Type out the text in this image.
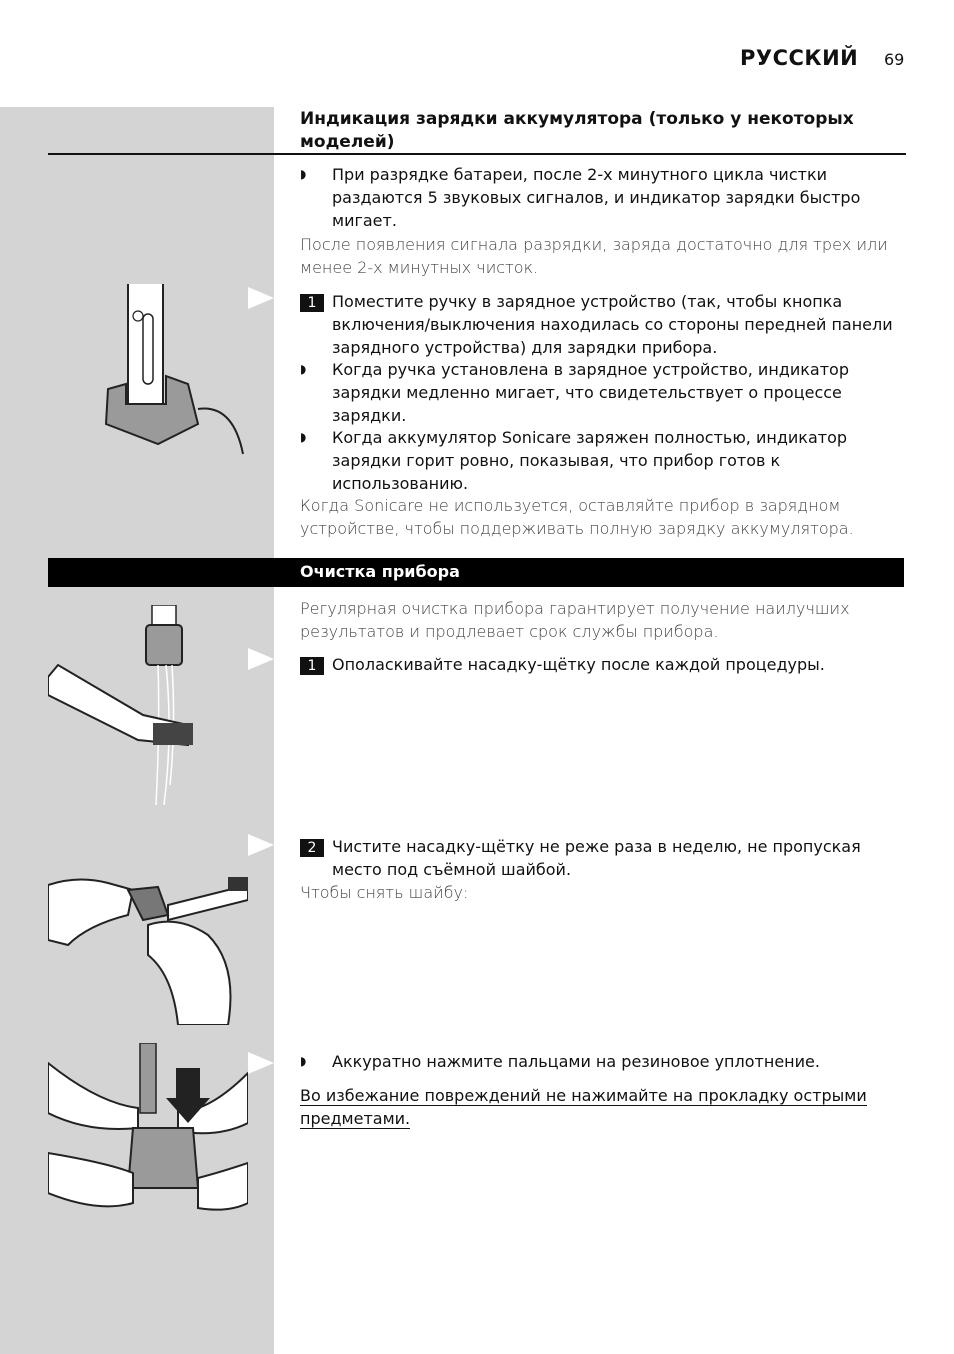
РУССКИЙ 69
Индикация зарядки аккумулятора (только у некоторых моделей)
◗	При разрядке батареи, после 2-х минутного цикла чистки раздаются 5 звуковых сигналов, и индикатор зарядки быстро мигает.
После появления сигнала разрядки, заряда достаточно для трех или менее 2-х минутных чисток.
1 Поместите ручку в зарядное устройство (так, чтобы кнопка включения/выключения находилась со стороны передней панели зарядного устройства) для зарядки прибора.
◗	Когда ручка установлена в зарядное устройство, индикатор зарядки медленно мигает, что свидетельствует о процессе зарядки.
◗	Когда аккумулятор Sonicare заряжен полностью, индикатор зарядки горит ровно, показывая, что прибор готов к использованию.
Когда Sonicare не используется, оставляйте прибор в зарядном устройстве, чтобы поддерживать полную зарядку аккумулятора.
Очистка прибора
Регулярная очистка прибора гарантирует получение наилучших результатов и продлевает срок службы прибора.
1 Ополаскивайте насадку-щётку после каждой процедуры.
2 Чистите насадку-щётку не реже раза в неделю, не пропуская место под съёмной шайбой.
Чтобы снять шайбу:
◗	Аккуратно нажмите пальцами на резиновое уплотнение.
Во избежание повреждений не нажимайте на прокладку острыми предметами.
